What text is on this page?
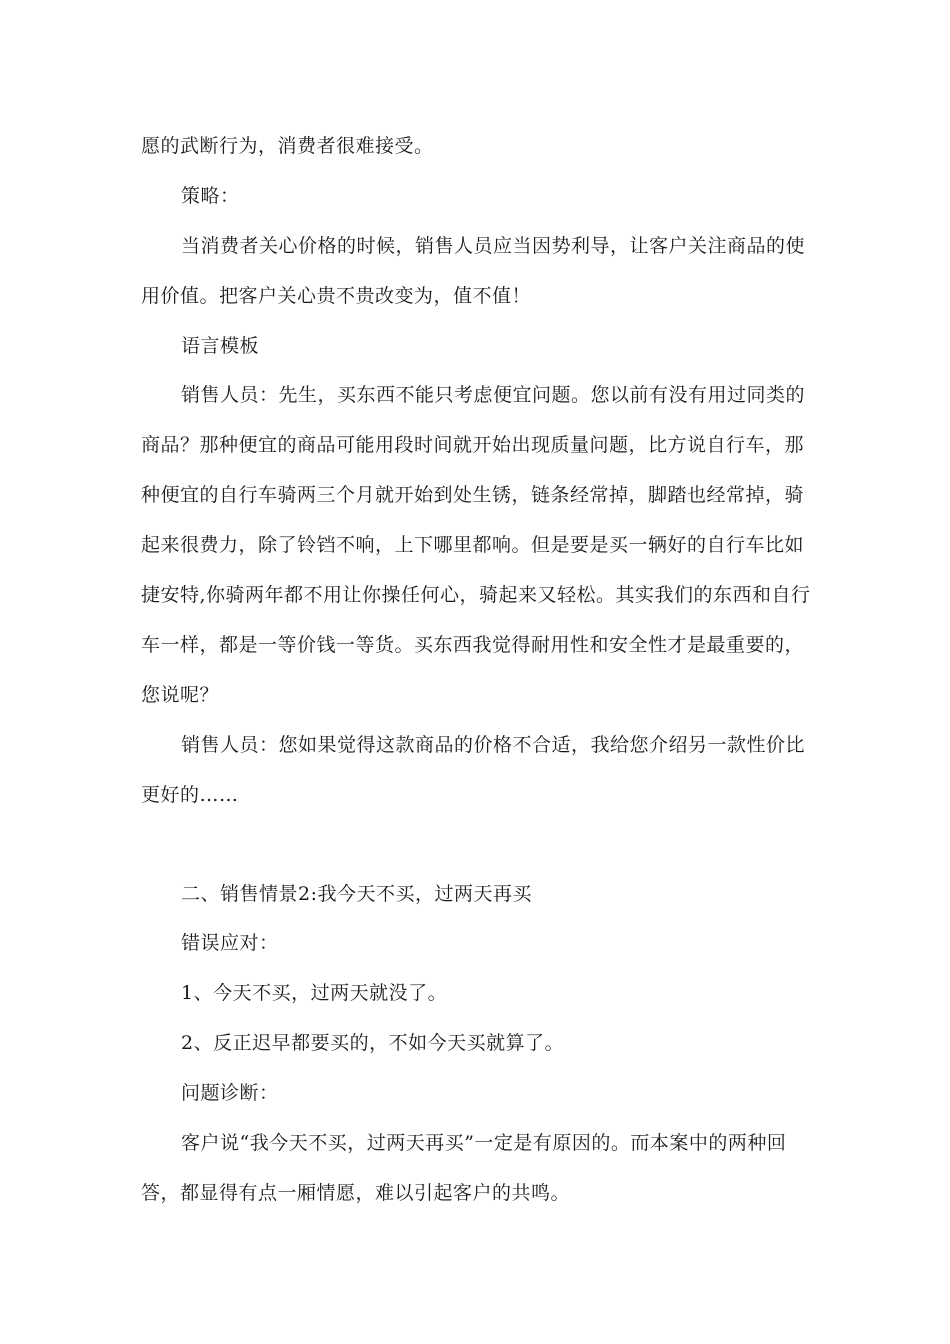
愿的武断行为，消费者很难接受。

策略：

当消费者关心价格的时候，销售人员应当因势利导，让客户关注商品的使

用价值。把客户关心贵不贵改变为，值不值！

语言模板

销售人员：先生，买东西不能只考虑便宜问题。您以前有没有用过同类的

商品？那种便宜的商品可能用段时间就开始出现质量问题，比方说自行车，那

种便宜的自行车骑两三个月就开始到处生锈，链条经常掉，脚踏也经常掉，骑

起来很费力，除了铃铛不响，上下哪里都响。但是要是买一辆好的自行车比如

捷安特,你骑两年都不用让你操任何心，骑起来又轻松。其实我们的东西和自行

车一样，都是一等价钱一等货。买东西我觉得耐用性和安全性才是最重要的，

您说呢？

销售人员：您如果觉得这款商品的价格不合适，我给您介绍另一款性价比

更好的……

二、销售情景2:我今天不买，过两天再买

错误应对：

1、今天不买，过两天就没了。

2、反正迟早都要买的，不如今天买就算了。

问题诊断：

客户说“我今天不买，过两天再买”一定是有原因的。而本案中的两种回

答，都显得有点一厢情愿，难以引起客户的共鸣。
